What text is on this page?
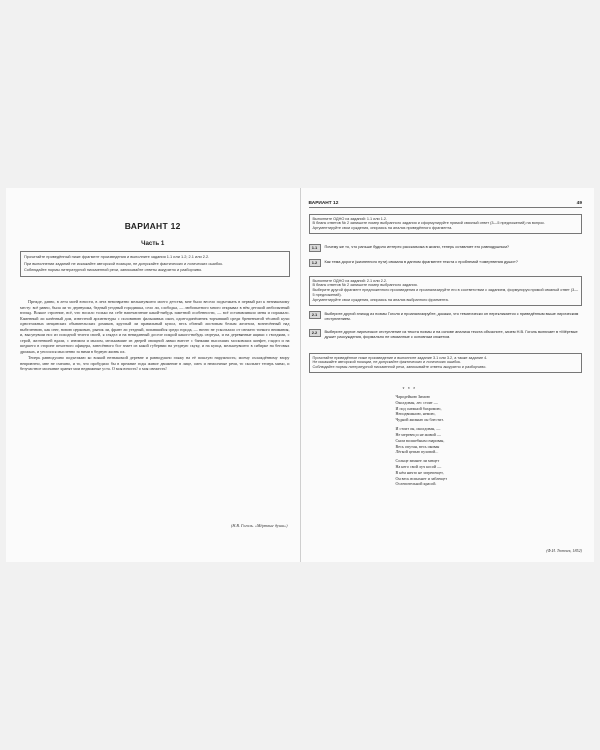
ВАРИАНТ 12
Часть 1

Прочитайте приведённый ниже фрагмент произведения и выполните задания 1.1 или 1.2; 2.1 или 2.2.

При выполнении заданий не искажайте авторской позиции, не допускайте фактических и логических ошибок.

Соблюдайте нормы литературной письменной речи, записывайте ответы аккуратно и разборчиво.

Прежде, давно, в лета моей юности, в лета невозвратно мелькнувшего моего детства, мне было весело подъезжать в первый раз к незнакомому месту: всё равно, была ли то деревушка, бедный уездный городишка, село ли, слободка, — любопытного много открывал в нём детский любопытный взгляд. Всякое строение, всё, что носило только на себе напечатление какой-нибудь заметной особенности, — всё останавливало меня и поражало. Каменный ли казённый дом, известной архитектуры с половиною фальшивых окон, один-одинёшенек торчавший среди бревенчатой тёсаной кучи одноэтажных мещанских обывательских домиков, круглый ли правильный купол, весь обитый листовым белым железом, вознесённый над выбеленною, как снег, новою церковью, рынок ли, франт ли уездный, попавшийся среди города, — ничто не ускользало от свежего тонкого внимания, и, высунувши нос из походной телеги своей, я глядел и на невиданный доселе покрой какого-нибудь сюртука, и на деревянные ящики с гвоздями, с серой, желтевшей вдали, с изюмом и мылом, мелькавшие из дверей овощной лавки вместе с банками высохших московских конфет, глядел и на шедшего в стороне пехотного офицера, занесённого бог знает из какой губернии на уездную скуку, и на купца, мелькнувшего в сибирке на беговых дрожках, и уносился мысленно за ними в бедную жизнь их.

Теперь равнодушно подъезжаю ко всякой незнакомой деревне и равнодушно гляжу на её пошлую наружность; моему охлаждённому взору неприютно, мне не смешно, и то, что пробудило бы в прежние годы живое движение в лице, смех и немолчные речи, то скользит теперь мимо, и безучастное молчание хранят мои недвижные уста. О моя юность! о моя свежесть!

(Н.В. Гоголь. «Мёртвые души»)
ВАРИАНТ 12	49

Выполните ОДНО из заданий: 1.1 или 1.2.

В бланк ответов № 2 запишите номер выбранного задания и сформулируйте прямой связный ответ (3—5 предложений) на вопрос.

Аргументируйте свои суждения, опираясь на анализ приведённого фрагмента.

1.1	Почему же то, что раньше будило интерес рассказчика в жизни, теперь оставляет его равнодушным?
1.2	Как тема дороги (жизненного пути) связана в данном фрагменте текста с проблемой «омертвения души»?

Выполните ОДНО из заданий: 2.1 или 2.2.

В бланк ответов № 2 запишите номер выбранного задания.

Выберите другой фрагмент предложенного произведения и проанализируйте его в соответствии с заданием, формулируя прямой связный ответ (3—5 предложений).

Аргументируйте свои суждения, опираясь на анализ выбранного фрагмента.

2.1	Выберите другой эпизод из поэмы Гоголя и проанализируйте, докажи, что тематически он перекликается с приведённым выше лирическим отступлением.
2.2	Выберите другое лирическое отступление из текста поэмы и на основе анализа текста объясните, зачем Н.В. Гоголь включает в «Мёртвые души» рассуждения, формально не связанные с основным сюжетом.

Прочитайте приведённое ниже произведение и выполните задание 3.1 или 3.2, а также задание 4.

Не искажайте авторской позиции, не допускайте фактических и логических ошибок.

Соблюдайте нормы литературной письменной речи, записывайте ответы аккуратно и разборчиво.

* * *
Чародейкою Зимою
Околдован, лес стоит —
И под снежной бахромою,
Неподвижною, немою,
Чудной жизнью он блестит.
И стоит он, околдован, —
Не мертвец и не живой —
Сном волшебным очарован,
Весь опутан, весь окован
Лёгкой цепью пуховой...
Солнце зимнее ли мещет
На него свой луч косой —
В нём ничто не затрепещет,
Он весь вспыхнет и заблещет
Ослепительной красой.
(Ф.И. Тютчев, 1852)
